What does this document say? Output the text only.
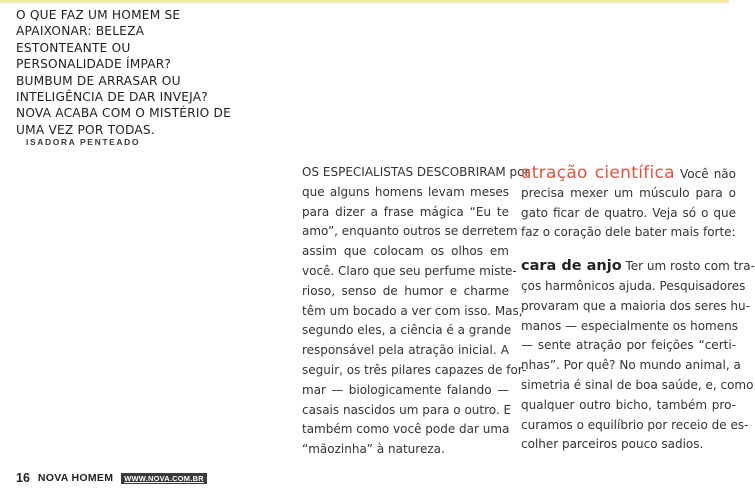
O QUE FAZ UM HOMEM SE
APAIXONAR: BELEZA
ESTONTEANTE OU
PERSONALIDADE ÍMPAR?
BUMBUM DE ARRASAR OU
INTELIGÊNCIA DE DAR INVEJA?
NOVA ACABA COM O MISTÉRIO DE
UMA VEZ POR TODAS.

ISADORA PENTEADO

OS ESPECIALISTAS DESCOBRIRAM por
que alguns homens levam meses
para dizer a frase mágica “Eu te
amo”, enquanto outros se derretem
assim que colocam os olhos em
você. Claro que seu perfume miste-
rioso, senso de humor e charme
têm um bocado a ver com isso. Mas,
segundo eles, a ciência é a grande
responsável pela atração inicial. A
seguir, os três pilares capazes de for-
mar — biologicamente falando —
casais nascidos um para o outro. E
também como você pode dar uma
“mãozinha” à natureza.
atração científica Você não
precisa mexer um músculo para o
gato ficar de quatro. Veja só o que
faz o coração dele bater mais forte:
cara de anjo Ter um rosto com tra-
ços harmônicos ajuda. Pesquisadores
provaram que a maioria dos seres hu-
manos — especialmente os homens
— sente atração por feições “certi-
nhas”. Por quê? No mundo animal, a
simetria é sinal de boa saúde, e, como
qualquer outro bicho, também pro-
curamos o equilíbrio por receio de es-
colher parceiros pouco sadios.
16 NOVA HOMEM	WWW.NOVA.COM.BR
